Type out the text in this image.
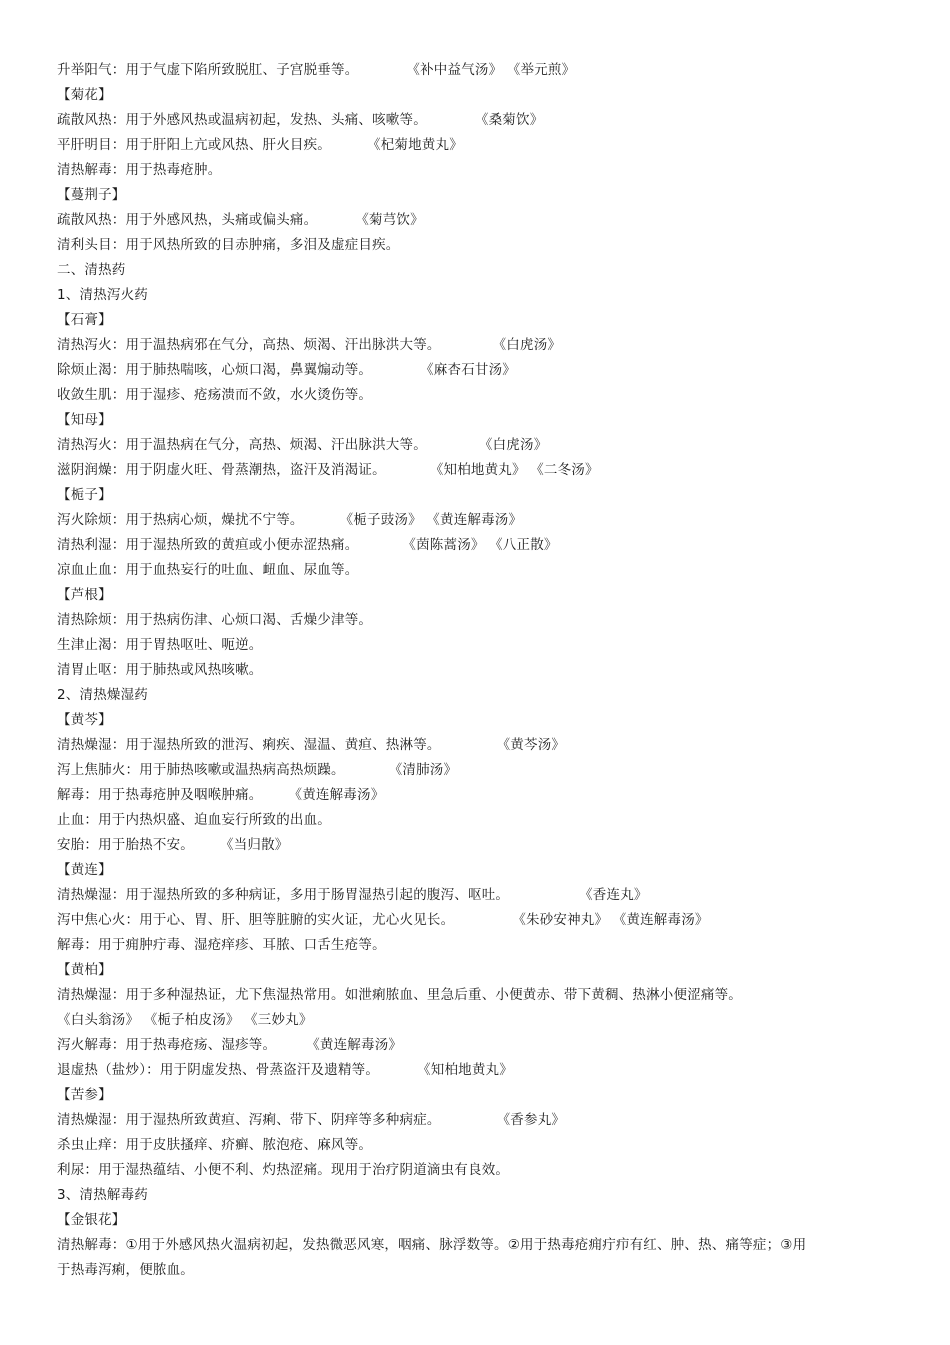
升举阳气：用于气虚下陷所致脱肛、子宫脱垂等。	《补中益气汤》 《举元煎》
【菊花】
疏散风热：用于外感风热或温病初起，发热、头痛、咳嗽等。	《桑菊饮》
平肝明目：用于肝阳上亢或风热、肝火目疾。	《杞菊地黄丸》
清热解毒：用于热毒疮肿。
【蔓荆子】
疏散风热：用于外感风热，头痛或偏头痛。	《菊芎饮》
清利头目：用于风热所致的目赤肿痛，多泪及虚症目疾。
二、清热药
1、清热泻火药
【石膏】
清热泻火：用于温热病邪在气分，高热、烦渴、汗出脉洪大等。	《白虎汤》
除烦止渴：用于肺热喘咳，心烦口渴，鼻翼煽动等。	《麻杏石甘汤》
收敛生肌：用于湿疹、疮疡溃而不敛，水火烫伤等。
【知母】
清热泻火：用于温热病在气分，高热、烦渴、汗出脉洪大等。	《白虎汤》
滋阴润燥：用于阴虚火旺、骨蒸潮热，盗汗及消渴证。	《知柏地黄丸》 《二冬汤》
【栀子】
泻火除烦：用于热病心烦，燥扰不宁等。	《栀子豉汤》 《黄连解毒汤》
清热利湿：用于湿热所致的黄疸或小便赤涩热痛。	《茵陈蒿汤》 《八正散》
凉血止血：用于血热妄行的吐血、衄血、尿血等。
【芦根】
清热除烦：用于热病伤津、心烦口渴、舌燥少津等。
生津止渴：用于胃热呕吐、呃逆。
清胃止呕：用于肺热或风热咳嗽。
2、清热燥湿药
【黄芩】
清热燥湿：用于湿热所致的泄泻、痢疾、湿温、黄疸、热淋等。	《黄芩汤》
泻上焦肺火：用于肺热咳嗽或温热病高热烦躁。	《清肺汤》
解毒：用于热毒疮肿及咽喉肿痛。 《黄连解毒汤》
止血：用于内热炽盛、迫血妄行所致的出血。
安胎：用于胎热不安。 《当归散》
【黄连】
清热燥湿：用于湿热所致的多种病证，多用于肠胃湿热引起的腹泻、呕吐。	《香连丸》
泻中焦心火：用于心、胃、肝、胆等脏腑的实火证，尤心火见长。	《朱砂安神丸》 《黄连解毒汤》
解毒：用于痈肿疔毒、湿疮痒疹、耳脓、口舌生疮等。
【黄柏】
清热燥湿：用于多种湿热证，尤下焦湿热常用。如泄痢脓血、里急后重、小便黄赤、带下黄稠、热淋小便涩痛等。
《白头翁汤》 《栀子柏皮汤》 《三妙丸》
泻火解毒：用于热毒疮疡、湿疹等。 《黄连解毒汤》
退虚热（盐炒）：用于阴虚发热、骨蒸盗汗及遗精等。	《知柏地黄丸》
【苦参】
清热燥湿：用于湿热所致黄疸、泻痢、带下、阴痒等多种病症。	《香参丸》
杀虫止痒：用于皮肤搔痒、疥癣、脓泡疮、麻风等。
利尿：用于湿热蕴结、小便不利、灼热涩痛。现用于治疗阴道滴虫有良效。
3、清热解毒药
【金银花】
清热解毒：①用于外感风热火温病初起，发热微恶风寒，咽痛、脉浮数等。②用于热毒疮痈疔疖有红、肿、热、痛等症；③用于热毒泻痢，便脓血。
